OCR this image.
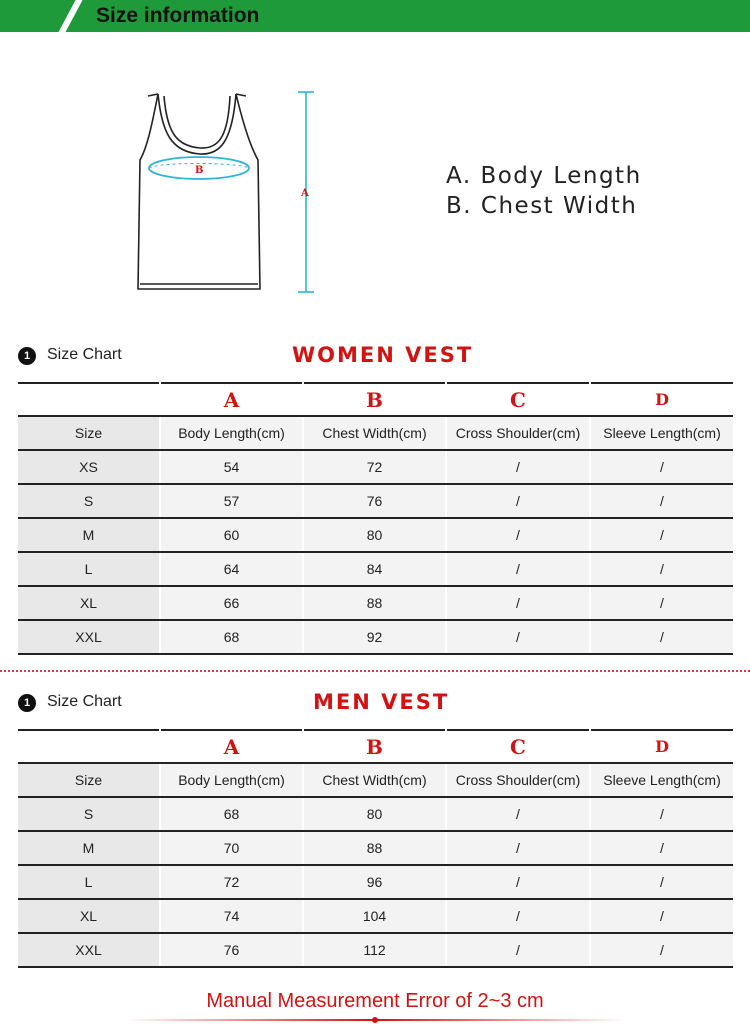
Size information
B
A
A. Body Length
B. Chest Width
1	Size Chart	WOMEN VEST
	A	B	C	D
Size	Body Length(cm)	Chest Width(cm)	Cross Shoulder(cm)	Sleeve Length(cm)
XS	54	72	/	/
S	57	76	/	/
M	60	80	/	/
L	64	84	/	/
XL	66	88	/	/
XXL	68	92	/	/
1	Size Chart	MEN VEST
	A	B	C	D
Size	Body Length(cm)	Chest Width(cm)	Cross Shoulder(cm)	Sleeve Length(cm)
S	68	80	/	/
M	70	88	/	/
L	72	96	/	/
XL	74	104	/	/
XXL	76	112	/	/
Manual Measurement Error of 2~3 cm
